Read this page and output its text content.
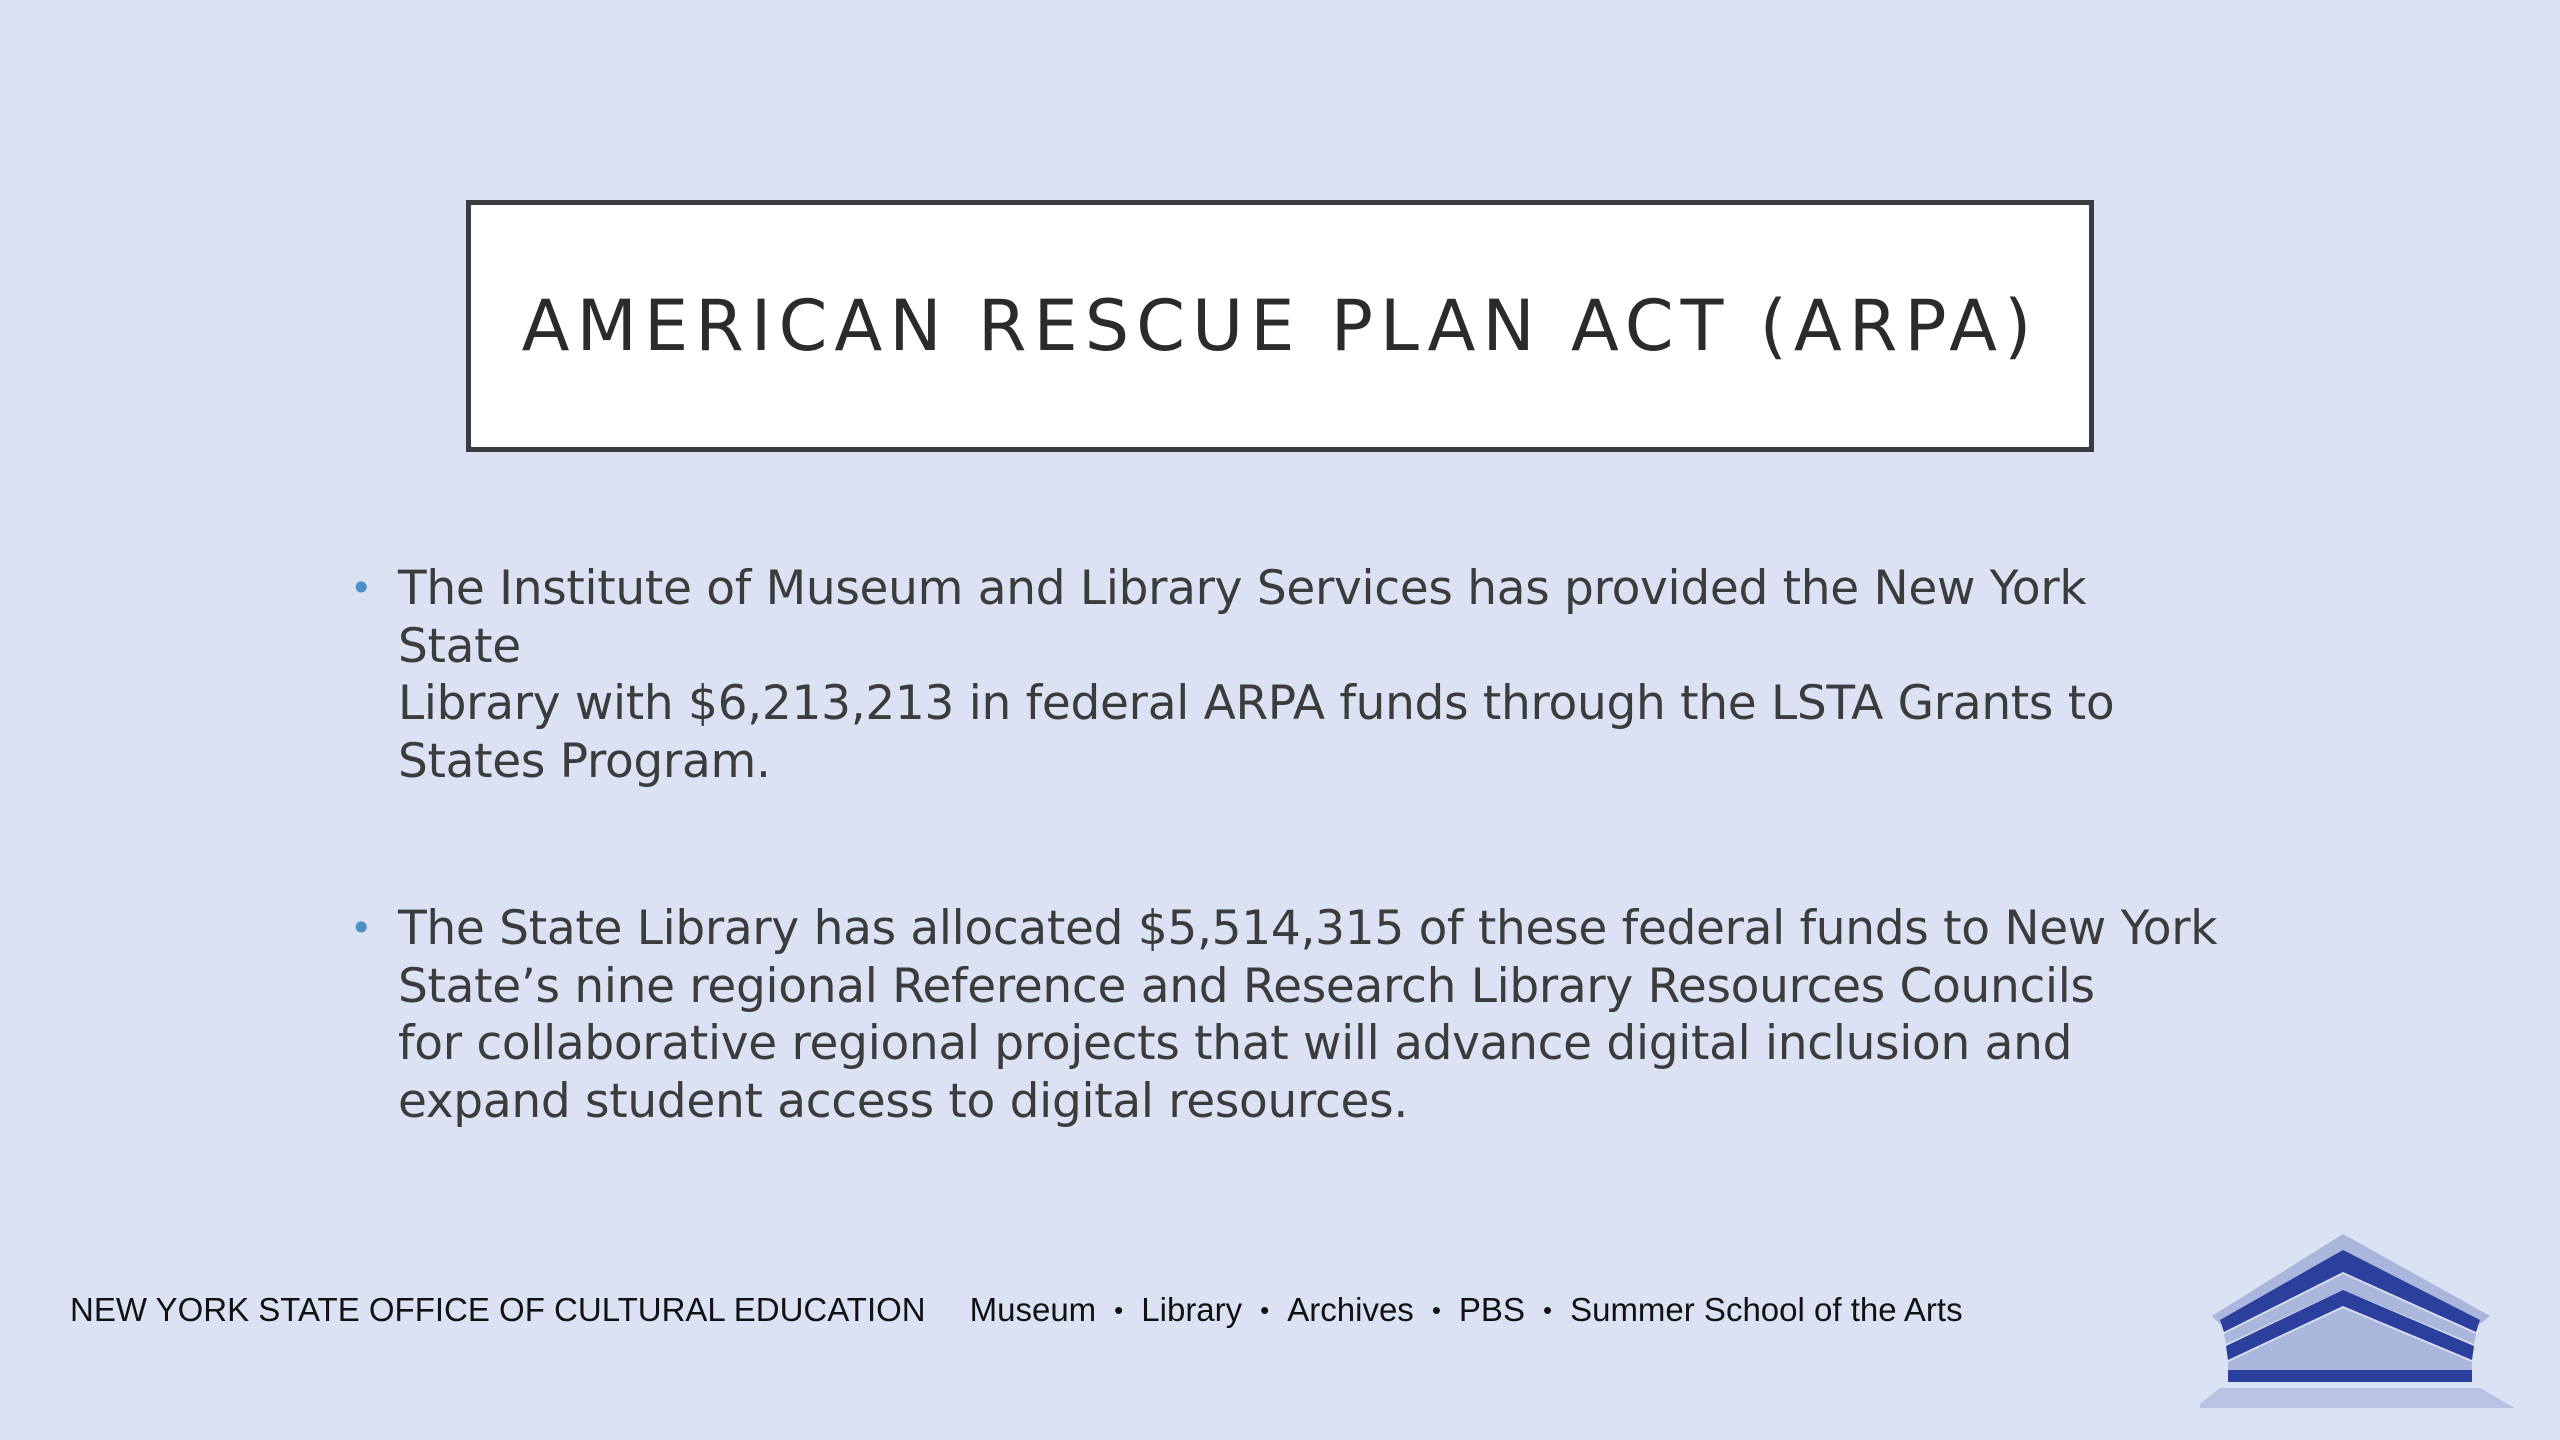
AMERICAN RESCUE PLAN ACT (ARPA)
• The Institute of Museum and Library Services has provided the New York State
Library with $6,213,213 in federal ARPA funds through the LSTA Grants to
States Program.
• The State Library has allocated $5,514,315 of these federal funds to New York
State’s nine regional Reference and Research Library Resources Councils
for collaborative regional projects that will advance digital inclusion and
expand student access to digital resources.
NEW YORK STATE OFFICE OF CULTURAL EDUCATION Museum • Library • Archives • PBS • Summer School of the Arts
